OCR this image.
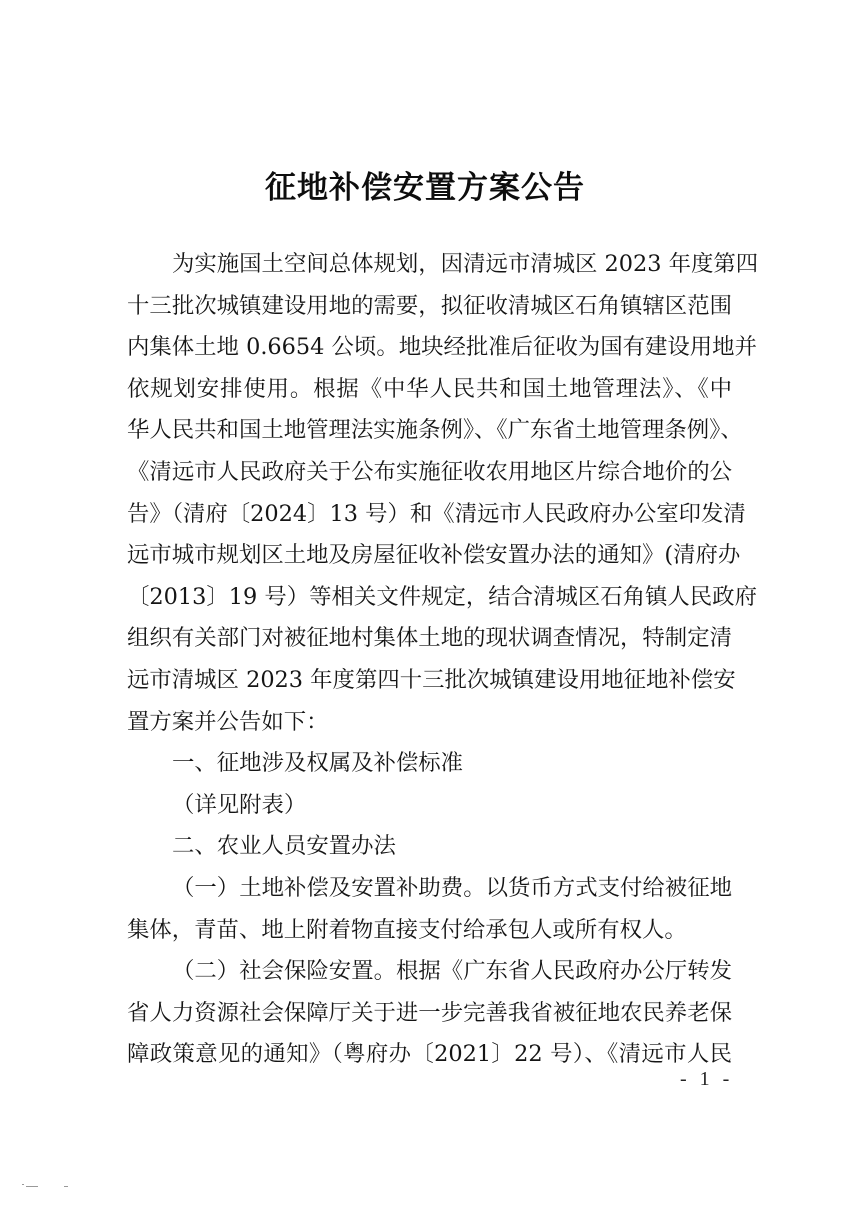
征地补偿安置方案公告
为实施国土空间总体规划，因清远市清城区 2023 年度第四
十三批次城镇建设用地的需要，拟征收清城区石角镇辖区范围
内集体土地 0.6654 公顷。地块经批准后征收为国有建设用地并
依规划安排使用。根据《中华人民共和国土地管理法》、《中
华人民共和国土地管理法实施条例》、《广东省土地管理条例》、
《清远市人民政府关于公布实施征收农用地区片综合地价的公
告》（清府〔2024〕13 号）和《清远市人民政府办公室印发清
远市城市规划区土地及房屋征收补偿安置办法的通知》(清府办
〔2013〕19 号）等相关文件规定，结合清城区石角镇人民政府
组织有关部门对被征地村集体土地的现状调查情况，特制定清
远市清城区 2023 年度第四十三批次城镇建设用地征地补偿安
置方案并公告如下：
一、征地涉及权属及补偿标准
（详见附表）
二、农业人员安置办法
（一）土地补偿及安置补助费。以货币方式支付给被征地
集体，青苗、地上附着物直接支付给承包人或所有权人。
（二）社会保险安置。根据《广东省人民政府办公厅转发
省人力资源社会保障厅关于进一步完善我省被征地农民养老保
障政策意见的通知》（粤府办〔2021〕22 号）、《清远市人民
- 1 -
